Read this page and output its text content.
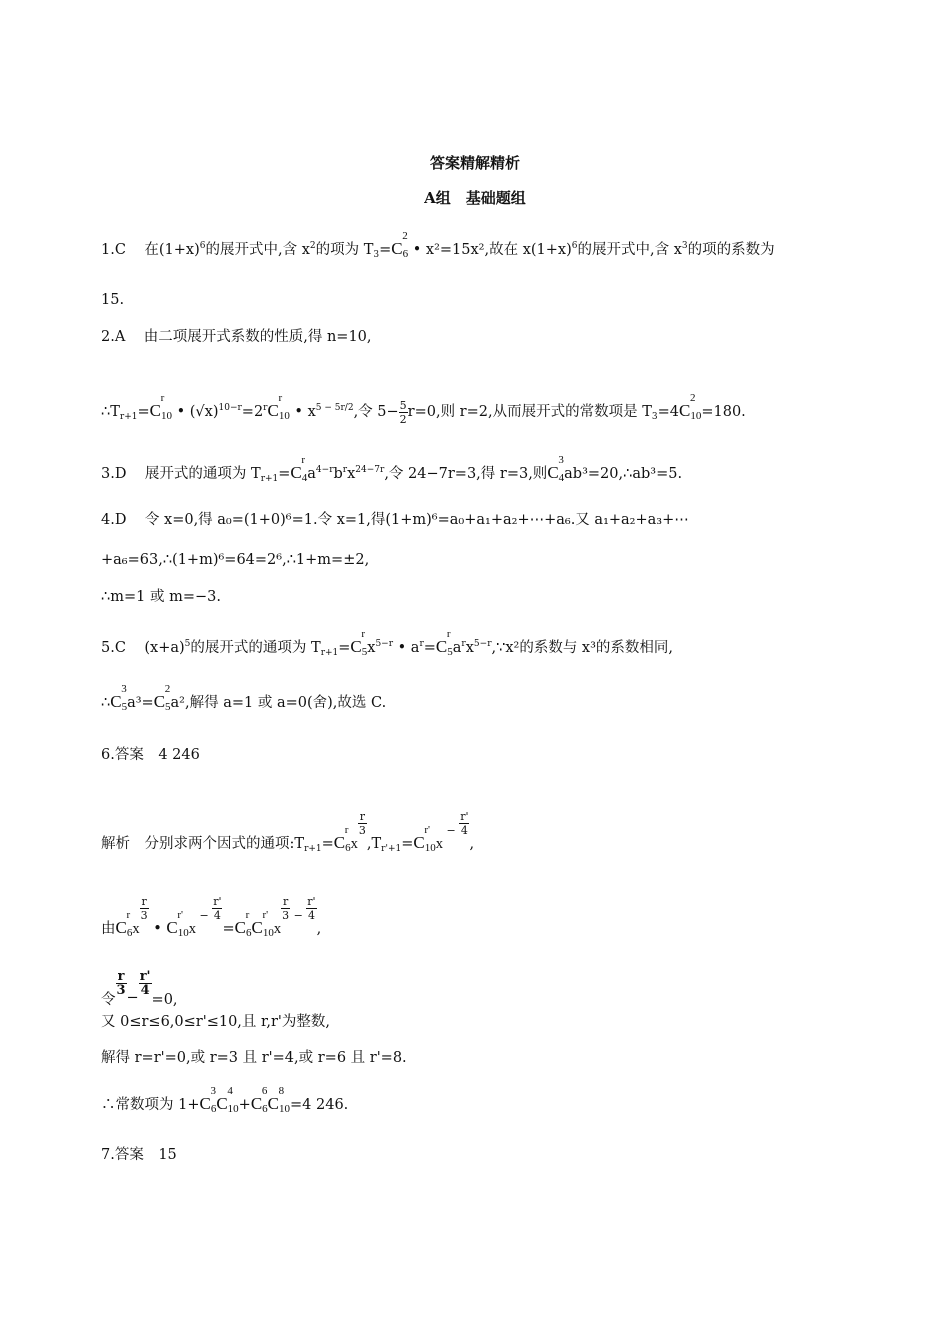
答案精解精析
A组　基础题组
1.C 在$(1+x)^6$的展开式中,含 $x^2$的项为 $T_3=C$
2
6 • x²=15x²,故在 $x(1+x)^6$的展开式中,含 $x^3$的项的系数为
15.
2.A 由二项展开式系数的性质,得 n=10,
$\therefore T_{r+1}=C$
r
10 • $(√x)^{10-r}=2^rC$
r
10 • $x^{5 - 5r/2}$,令 $5- \frac{5}{2} r=0$,则 r=2,从而展开式的常数项是 $T_3=4C$
2
10=180.
3.D 展开式的通项为 $T_{r+1}=C$
r
$4a^{4-r}b^rx^{24-7r}$,令 24−7r=3,得 r=3,则C
3
4ab³=20,∴ab³=5.
4.D 令 x=0,得 a₀=(1+0)⁶=1.令 x=1,得(1+m)⁶=a₀+a₁+a₂+⋯+a₆.又 a₁+a₂+a₃+⋯
+a₆=63,∴(1+m)⁶=64=2⁶,∴1+m=±2,
∴m=1 或 m=−3.
5.C $(x+a)^5$的展开式的通项为 $T_{r+1}=C$
r
$5x^{5-r}$ • $a^r=C$
r
$5a^rx^{5-r},\because x^2$的系数与 x³的系数相同,
∴C
3
5a³=C
2
5a²,解得 a=1 或 a=0(舍),故选 C.
6.答案　4 246
解析　分别求两个因式的通项$:T_{r+1}=C$
r
6x
$\frac{r}{3}$
$,T_{r'+1}=C$
r'
10x $^- \frac{r'}{4}$
,
由C
r
6x
$\frac{r}{3}$
• C
r'
10x $^- \frac{r'}{4}$
=C
r
6C
r'
10x
$\frac{r}{3} ^- \frac{r'}{4}$
,
令
$\frac{r}{3}$
−
$\frac{r'}{4}$
=0,
又 0≤r≤6,0≤r'≤10,且 r,r'为整数,
解得 r=r'=0,或 r=3 且 r'=4,或 r=6 且 r'=8.
∴常数项为 1+C
3
6C
4
10+C
6
6C
8
10=4 246.
7.答案　15
